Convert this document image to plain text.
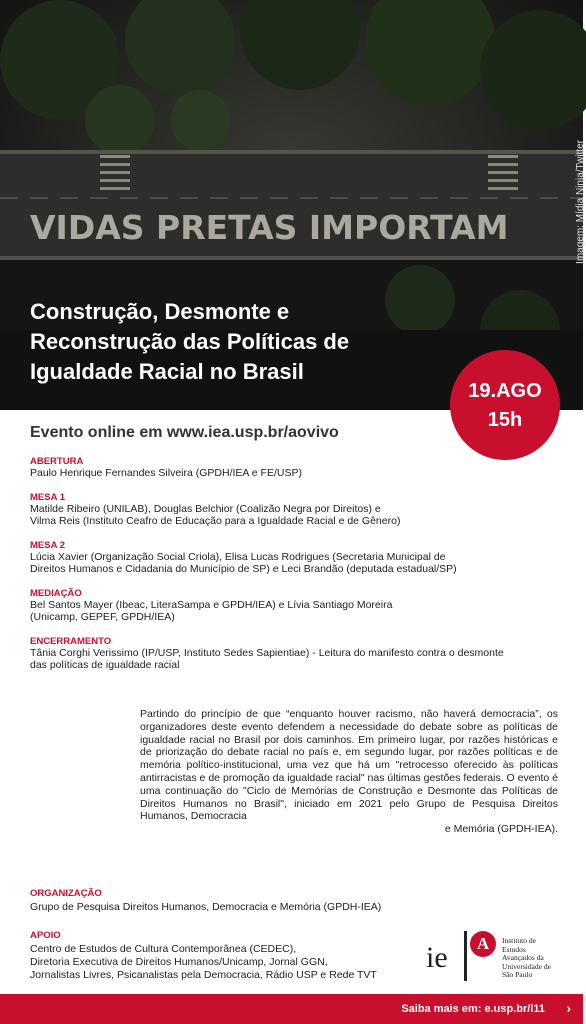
VIDAS PRETAS IMPORTAM	Imagem: Mídia Ninja/Twitter
Construção, Desmonte e
Reconstrução das Políticas de
Igualdade Racial no Brasil
19.AGO
15h
Evento online em www.iea.usp.br/aovivo
ABERTURA
Paulo Henrique Fernandes Silveira (GPDH/IEA e FE/USP)
MESA 1
Matilde Ribeiro (UNILAB), Douglas Belchior (Coalizão Negra por Direitos) e
Vilma Reis (Instituto Ceafro de Educação para a Igualdade Racial e de Gênero)
MESA 2
Lúcia Xavier (Organização Social Criola), Elisa Lucas Rodrigues (Secretaria Municipal de
Direitos Humanos e Cidadania do Município de SP) e Leci Brandão (deputada estadual/SP)
MEDIAÇÃO
Bel Santos Mayer (Ibeac, LiteraSampa e GPDH/IEA) e Lívia Santiago Moreira
(Unicamp, GEPEF, GPDH/IEA)
ENCERRAMENTO
Tânia Corghi Verissimo (IP/USP, Instituto Sedes Sapientiae) - Leitura do manifesto contra o desmonte
das políticas de igualdade racial
Partindo do princípio de que “enquanto houver racismo, não haverá democracia”, os organizadores deste evento defendem a necessidade do debate sobre as políticas de igualdade racial no Brasil por dois caminhos. Em primeiro lugar, por razões históricas e de priorização do debate racial no país e, em segundo lugar, por razões políticas e de memória político-institucional, uma vez que há um "retrocesso oferecido às políticas antirracistas e de promoção da igualdade racial" nas últimas gestões federais. O evento é uma continuação do "Ciclo de Memórias de Construção e Desmonte das Políticas de Direitos Humanos no Brasil", iniciado em 2021 pelo Grupo de Pesquisa Direitos Humanos, Democracia
e Memória (GPDH-IEA).
ORGANIZAÇÃO
Grupo de Pesquisa Direitos Humanos, Democracia e Memória (GPDH-IEA)
APOIO
Centro de Estudos de Cultura Contemporânea (CEDEC),
Diretoria Executiva de Direitos Humanos/Unicamp, Jornal GGN,
Jornalistas Livres, Psicanalistas pela Democracia, Rádio USP e Rede TVT
ie	A	Instituto de
Estudos
Avançados da
Universidade de
São Paulo
Saiba mais em: e.usp.br/l11 ›
